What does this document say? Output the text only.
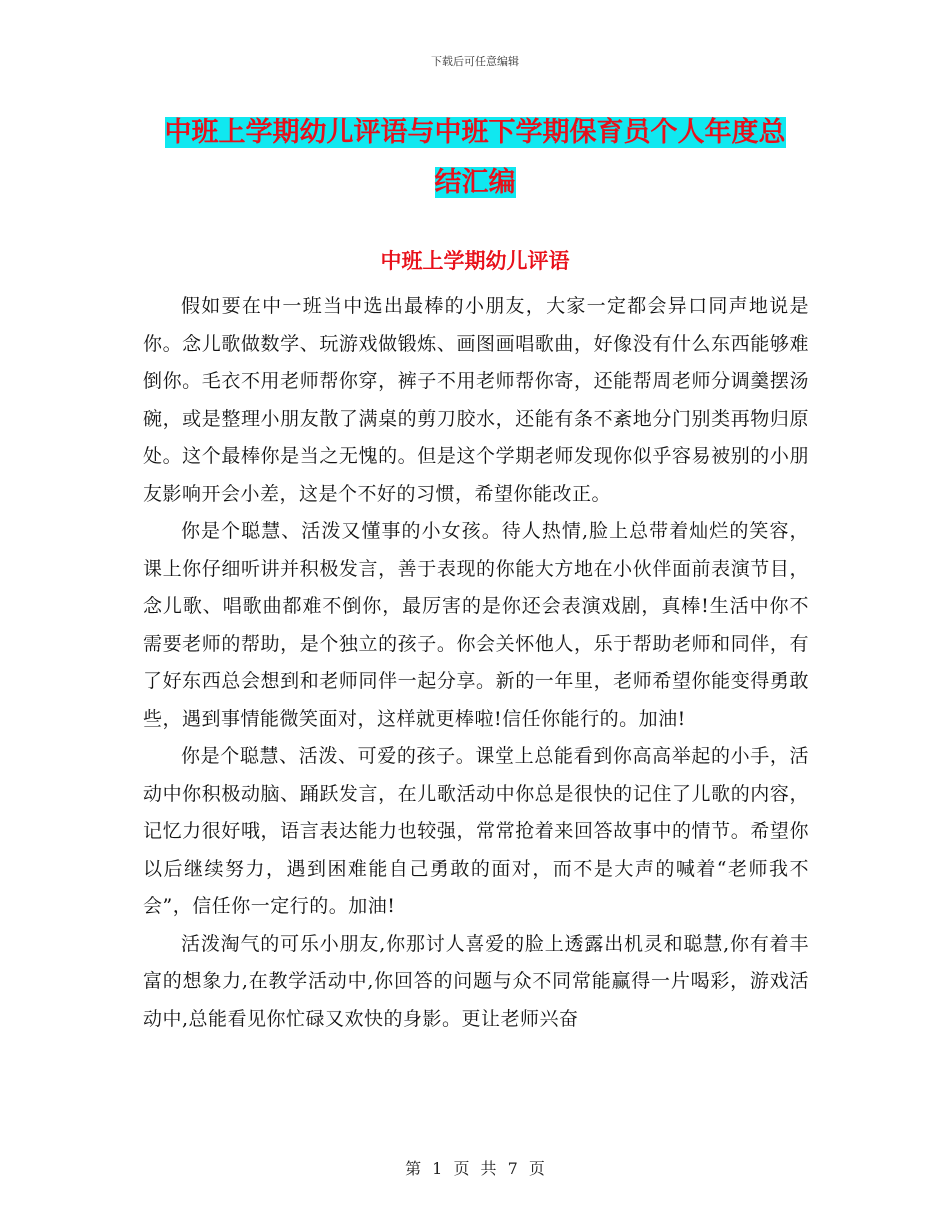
下载后可任意编辑
中班上学期幼儿评语与中班下学期保育员个人年度总
结汇编
中班上学期幼儿评语

假如要在中一班当中选出最棒的小朋友，大家一定都会异口同声地说是你。念儿歌做数学、玩游戏做锻炼、画图画唱歌曲，好像没有什么东西能够难倒你。毛衣不用老师帮你穿，裤子不用老师帮你寄，还能帮周老师分调羹摆汤碗，或是整理小朋友散了满桌的剪刀胶水，还能有条不紊地分门别类再物归原处。这个最棒你是当之无愧的。但是这个学期老师发现你似乎容易被别的小朋友影响开会小差，这是个不好的习惯，希望你能改正。

你是个聪慧、活泼又懂事的小女孩。待人热情,脸上总带着灿烂的笑容，课上你仔细听讲并积极发言，善于表现的你能大方地在小伙伴面前表演节目，念儿歌、唱歌曲都难不倒你，最厉害的是你还会表演戏剧，真棒!生活中你不需要老师的帮助，是个独立的孩子。你会关怀他人，乐于帮助老师和同伴，有了好东西总会想到和老师同伴一起分享。新的一年里，老师希望你能变得勇敢些，遇到事情能微笑面对，这样就更棒啦!信任你能行的。加油!

你是个聪慧、活泼、可爱的孩子。课堂上总能看到你高高举起的小手，活动中你积极动脑、踊跃发言，在儿歌活动中你总是很快的记住了儿歌的内容，记忆力很好哦，语言表达能力也较强，常常抢着来回答故事中的情节。希望你以后继续努力，遇到困难能自己勇敢的面对，而不是大声的喊着“老师我不会”，信任你一定行的。加油!

活泼淘气的可乐小朋友,你那讨人喜爱的脸上透露出机灵和聪慧,你有着丰富的想象力,在教学活动中,你回答的问题与众不同常能赢得一片喝彩，游戏活动中,总能看见你忙碌又欢快的身影。更让老师兴奋

第 1 页 共 7 页
